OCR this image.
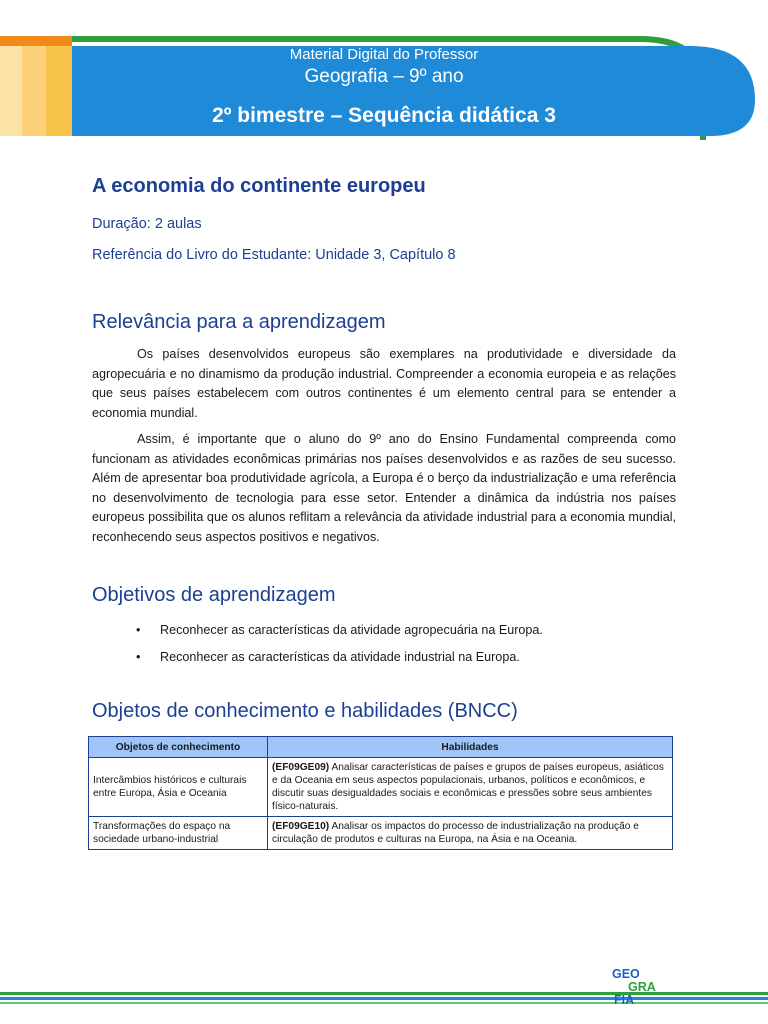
Material Digital do Professor
Geografia – 9º ano
2º bimestre – Sequência didática 3
A economia do continente europeu
Duração: 2 aulas
Referência do Livro do Estudante: Unidade 3, Capítulo 8
Relevância para a aprendizagem

Os países desenvolvidos europeus são exemplares na produtividade e diversidade da agropecuária e no dinamismo da produção industrial. Compreender a economia europeia e as relações que seus países estabelecem com outros continentes é um elemento central para se entender a economia mundial.

Assim, é importante que o aluno do 9º ano do Ensino Fundamental compreenda como funcionam as atividades econômicas primárias nos países desenvolvidos e as razões de seu sucesso. Além de apresentar boa produtividade agrícola, a Europa é o berço da industrialização e uma referência no desenvolvimento de tecnologia para esse setor. Entender a dinâmica da indústria nos países europeus possibilita que os alunos reflitam a relevância da atividade industrial para a economia mundial, reconhecendo seus aspectos positivos e negativos.

Objetivos de aprendizagem
• Reconhecer as características da atividade agropecuária na Europa.
• Reconhecer as características da atividade industrial na Europa.
Objetos de conhecimento e habilidades (BNCC)
Objetos de conhecimento	Habilidades
Intercâmbios históricos e culturais entre Europa, Ásia e Oceania	(EF09GE09) Analisar características de países e grupos de países europeus, asiáticos e da Oceania em seus aspectos populacionais, urbanos, políticos e econômicos, e discutir suas desigualdades sociais e econômicas e pressões sobre seus ambientes físico-naturais.
Transformações do espaço na sociedade urbano-industrial	(EF09GE10) Analisar os impactos do processo de industrialização na produção e circulação de produtos e culturas na Europa, na Ásia e na Oceania.
GEO
GRA
FIA
